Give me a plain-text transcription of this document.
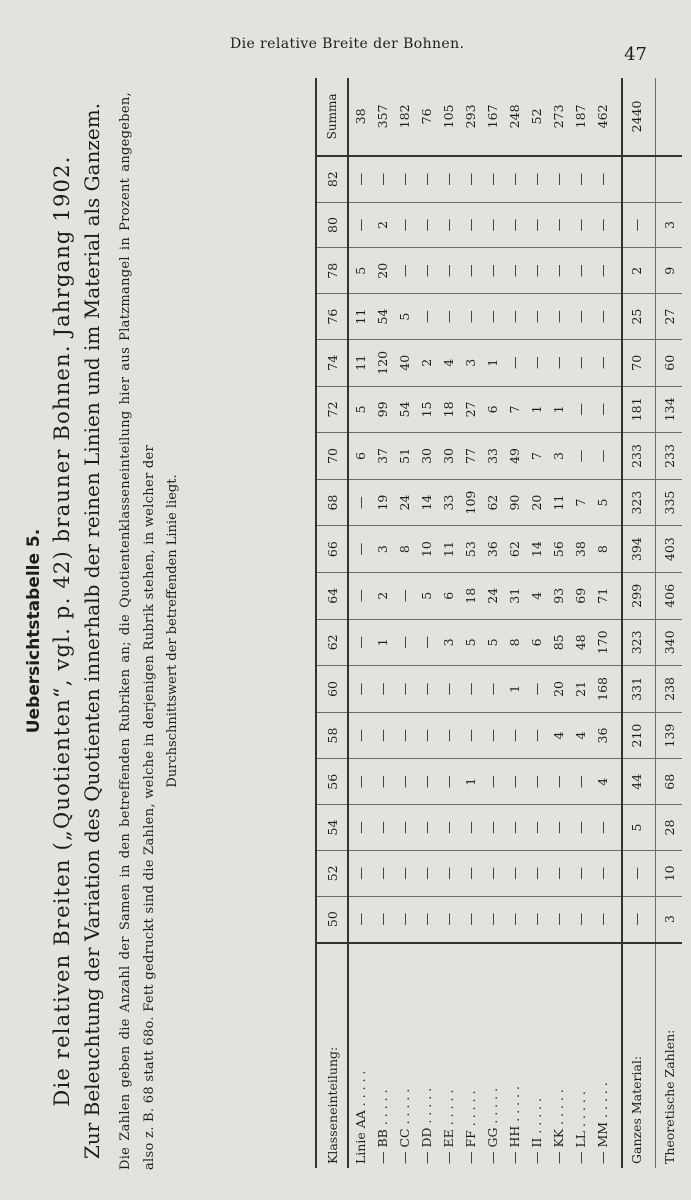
Die relative Breite der Bohnen.	47
Uebersichtstabelle 5. Die relativen Breiten („Quotienten“, vgl. p. 42) brauner Bohnen. Jahrgang 1902. Zur Beleuchtung der Variation des Quotienten innerhalb der reinen Linien und im Material als Ganzem.	Die Zahlen geben die Anzahl der Samen in den betreffenden Rubriken an; die Quotientenklasseneinteilung hier aus Platzmangel in Prozent angegeben, also z. B. 68 statt 68o. Fett gedruckt sind die Zahlen, welche in derjenigen Rubrik stehen, in welcher der Durchschnittswert der betreffenden Linie liegt.
Klasseneinteilung:	50	52	54	56	58	60	62	64	66	68	70	72	74	76	78	80	82	Summa
Linie AA . . . . .	—	—	—	—	—	—	—	—	—	—	6	5	11	11	5	—	—	38
— BB . . . . .	—	—	—	—	—	—	1	2	3	19	37	99	120	54	20	2	—	357
— CC . . . . .	—	—	—	—	—	—	—	—	8	24	51	54	40	5	—	—	—	182
— DD . . . . .	—	—	—	—	—	—	—	5	10	14	30	15	2	—	—	—	—	76
— EE . . . . .	—	—	—	—	—	—	3	6	11	33	30	18	4	—	—	—	—	105
— FF . . . . .	—	—	—	1	—	—	5	18	53	109	77	27	3	—	—	—	—	293
— GG . . . . .	—	—	—	—	—	—	5	24	36	62	33	6	1	—	—	—	—	167
— HH . . . . .	—	—	—	—	—	1	8	31	62	90	49	7	—	—	—	—	—	248
— II . . . . .	—	—	—	—	—	—	6	4	14	20	7	1	—	—	—	—	—	52
— KK . . . . .	—	—	—	—	4	20	85	93	56	11	3	1	—	—	—	—	—	273
— LL . . . . .	—	—	—	—	4	21	48	69	38	7	—	—	—	—	—	—	—	187
— MM . . . . .	—	—	—	4	36	168	170	71	8	5	—	—	—	—	—	—	—	462

Ganzes Material:	—	—	5	44	210	331	323	299	394	323	233	181	70	25	2	—		2440

Theoretische Zahlen:	3	10	28	68	139	238	340	406	403	335	233	134	60	27	9	3		
